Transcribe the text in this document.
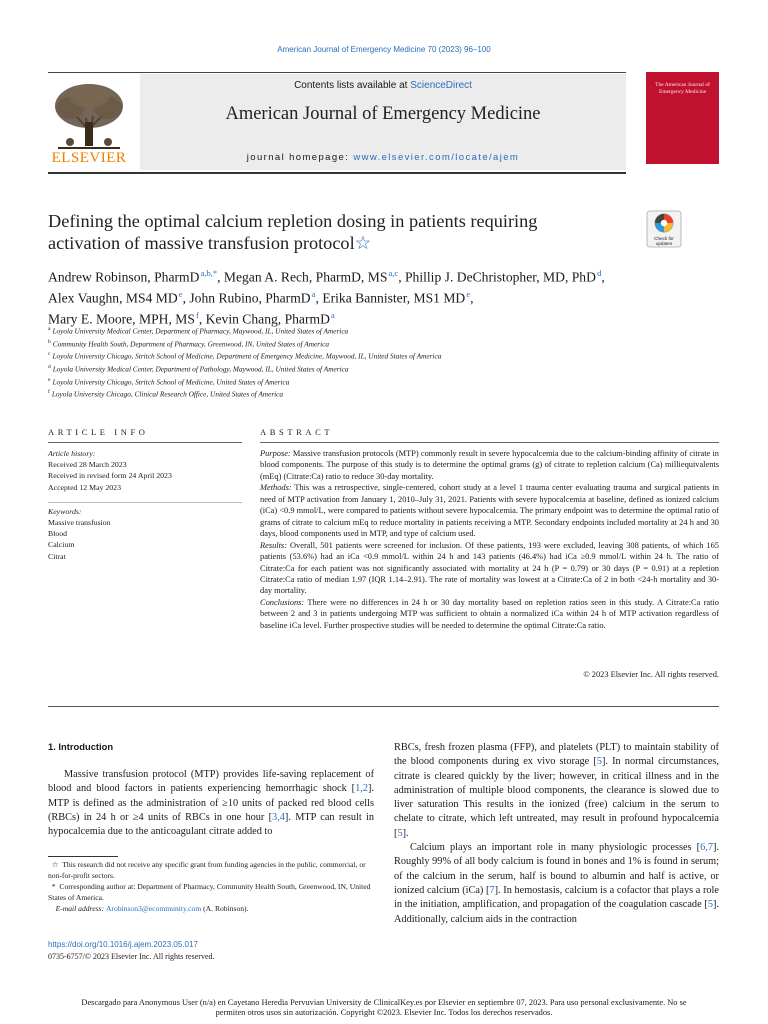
American Journal of Emergency Medicine 70 (2023) 96–100
Contents lists available at ScienceDirect
American Journal of Emergency Medicine
journal homepage: www.elsevier.com/locate/ajem
ELSEVIER
The American Journal of Emergency Medicine
Defining the optimal calcium repletion dosing in patients requiring activation of massive transfusion protocol☆	Check for updates
Andrew Robinson, PharmD $^{a,b,*}$, Megan A. Rech, PharmD, MS $^{a,c}$, Phillip J. DeChristopher, MD, PhD $^d$,
Alex Vaughn, MS4 MD $^e$, John Rubino, PharmD $^a$, Erika Bannister, MS1 MD $^e$,
Mary E. Moore, MPH, MS $^f$, Kevin Chang, PharmD $^a$
$^a$ Loyola University Medical Center, Department of Pharmacy, Maywood, IL, United States of America
$^b$ Community Health South, Department of Pharmacy, Greenwood, IN, United States of America
$^c$ Loyola University Chicago, Stritch School of Medicine, Department of Emergency Medicine, Maywood, IL, United States of America
$^d$ Loyola University Medical Center, Department of Pathology, Maywood, IL, United States of America
$^e$ Loyola University Chicago, Stritch School of Medicine, United States of America
$^f$ Loyola University Chicago, Clinical Research Office, United States of America
ARTICLE INFO	ABSTRACT
Article history:
Received 28 March 2023
Received in revised form 24 April 2023
Accepted 12 May 2023
Keywords:
Massive transfusion
Blood
Calcium
Citrat

Purpose: Massive transfusion protocols (MTP) commonly result in severe hypocalcemia due to the calcium-binding affinity of citrate in blood components. The purpose of this study is to determine the optimal grams (g) of citrate to repletion calcium (Ca) milliequivalents (mEq) (Citrate:Ca) ratio to reduce 30-day mortality.

Methods: This was a retrospective, single-centered, cohort study at a level 1 trauma center evaluating trauma and surgical patients in need of MTP activation from January 1, 2010–July 31, 2021. Patients with severe hypocalcemia at baseline, defined as ionized calcium (iCa) <0.9 mmol/L, were compared to patients without severe hypocalcemia. The primary endpoint was to determine the optimal ratio of grams of citrate to calcium mEq to reduce mortality in patients receiving a MTP. Secondary endpoints included mortality at 24 h and 30 days, blood components used in MTP, and type of calcium used.

Results: Overall, 501 patients were screened for inclusion. Of these patients, 193 were excluded, leaving 308 patients, of which 165 patients (53.6%) had an iCa <0.9 mmol/L within 24 h and 143 patients (46.4%) had iCa ≥0.9 mmol/L within 24 h. The ratio of Citrate:Ca for each patient was not significantly associated with mortality at 24 h (P = 0.79) or 30 days (P = 0.91) at a repletion Citrate:Ca ratio of median 1.97 (IQR 1.14–2.91). The rate of mortality was lowest at a Citrate:Ca of 2 in both <24-h mortality and 30-day mortality.

Conclusions: There were no differences in 24 h or 30 day mortality based on repletion ratios seen in this study. A Citrate:Ca ratio between 2 and 3 in patients undergoing MTP was sufficient to obtain a normalized iCa within 24 h of MTP activation regardless of baseline iCa level. Further prospective studies will be needed to determine the optimal Citrate:Ca ratio.

© 2023 Elsevier Inc. All rights reserved.
1. Introduction

Massive transfusion protocol (MTP) provides life-saving replacement of blood and blood factors in patients experiencing hemorrhagic shock [1,2]. MTP is defined as the administration of ≥10 units of packed red blood cells (RBCs) in 24 h or ≥4 units of RBCs in one hour [3,4]. MTP can result in hypocalcemia due to the anticoagulant citrate added to

RBCs, fresh frozen plasma (FFP), and platelets (PLT) to maintain stability of the blood components during ex vivo storage [5]. In normal circumstances, citrate is cleared quickly by the liver; however, in critical illness and in the administration of multiple blood components, the clearance is slowed due to liver saturation This results in the ionized (free) calcium in the serum to chelate to citrate, which left untreated, may result in profound hypocalcemia [5].

Calcium plays an important role in many physiologic processes [6,7]. Roughly 99% of all body calcium is found in bones and 1% is found in serum; of the calcium in the serum, half is bound to albumin and half is active, or ionized calcium (iCa) [7]. In hemostasis, calcium is a cofactor that plays a role in the initiation, amplification, and propagation of the coagulation cascade [5]. Additionally, calcium aids in the contraction

☆  This research did not receive any specific grant from funding agencies in the public, commercial, or non-for-profit sectors.

*  Corresponding author at: Department of Pharmacy, Community Health South, Greenwood, IN, United States of America.

E-mail address: Arobinson3@ecommunity.com (A. Robinson).

https://doi.org/10.1016/j.ajem.2023.05.017
0735-6757/© 2023 Elsevier Inc. All rights reserved.
Descargado para Anonymous User (n/a) en Cayetano Heredia Pervuvian University de ClinicalKey.es por Elsevier en septiembre 07, 2023. Para uso personal exclusivamente. No se permiten otros usos sin autorización. Copyright ©2023. Elsevier Inc. Todos los derechos reservados.
